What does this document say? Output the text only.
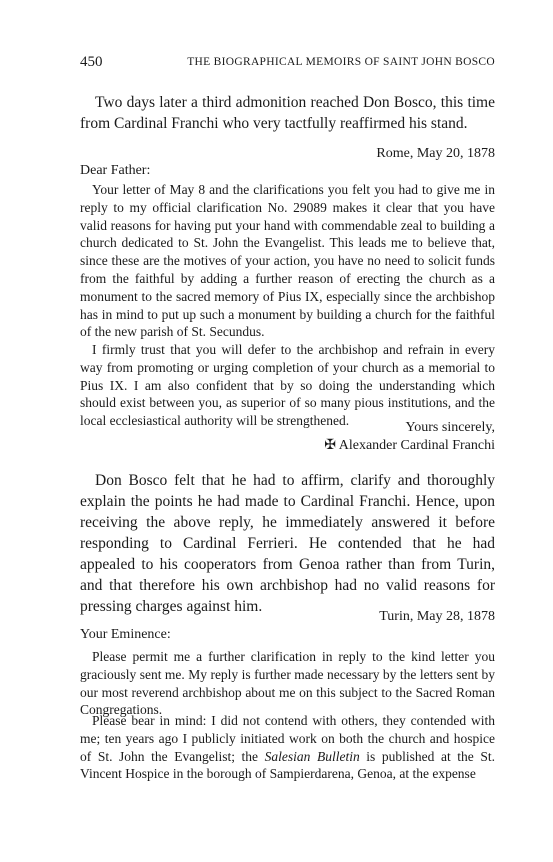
450	THE BIOGRAPHICAL MEMOIRS OF SAINT JOHN BOSCO

Two days later a third admonition reached Don Bosco, this time from Cardinal Franchi who very tactfully reaffirmed his stand.

Rome, May 20, 1878
Dear Father:

Your letter of May 8 and the clarifications you felt you had to give me in reply to my official clarification No. 29089 makes it clear that you have valid reasons for having put your hand with commendable zeal to building a church dedicated to St. John the Evangelist. This leads me to believe that, since these are the motives of your action, you have no need to solicit funds from the faithful by adding a further reason of erecting the church as a monument to the sacred memory of Pius IX, especially since the archbishop has in mind to put up such a monument by building a church for the faithful of the new parish of St. Secundus.

I firmly trust that you will defer to the archbishop and refrain in every way from promoting or urging completion of your church as a memorial to Pius IX. I am also confident that by so doing the understanding which should exist between you, as superior of so many pious institutions, and the local ecclesiastical authority will be strengthened.	Yours sincerely,
✠ Alexander Cardinal Franchi

Don Bosco felt that he had to affirm, clarify and thoroughly explain the points he had made to Cardinal Franchi. Hence, upon receiving the above reply, he immediately answered it before responding to Cardinal Ferrieri. He contended that he had appealed to his cooperators from Genoa rather than from Turin, and that therefore his own archbishop had no valid reasons for pressing charges against him.

Turin, May 28, 1878
Your Eminence:

Please permit me a further clarification in reply to the kind letter you graciously sent me. My reply is further made necessary by the letters sent by our most reverend archbishop about me on this subject to the Sacred Roman Congregations.

Please bear in mind: I did not contend with others, they contended with me; ten years ago I publicly initiated work on both the church and hospice of St. John the Evangelist; the Salesian Bulletin is published at the St. Vincent Hospice in the borough of Sampierdarena, Genoa, at the expense
